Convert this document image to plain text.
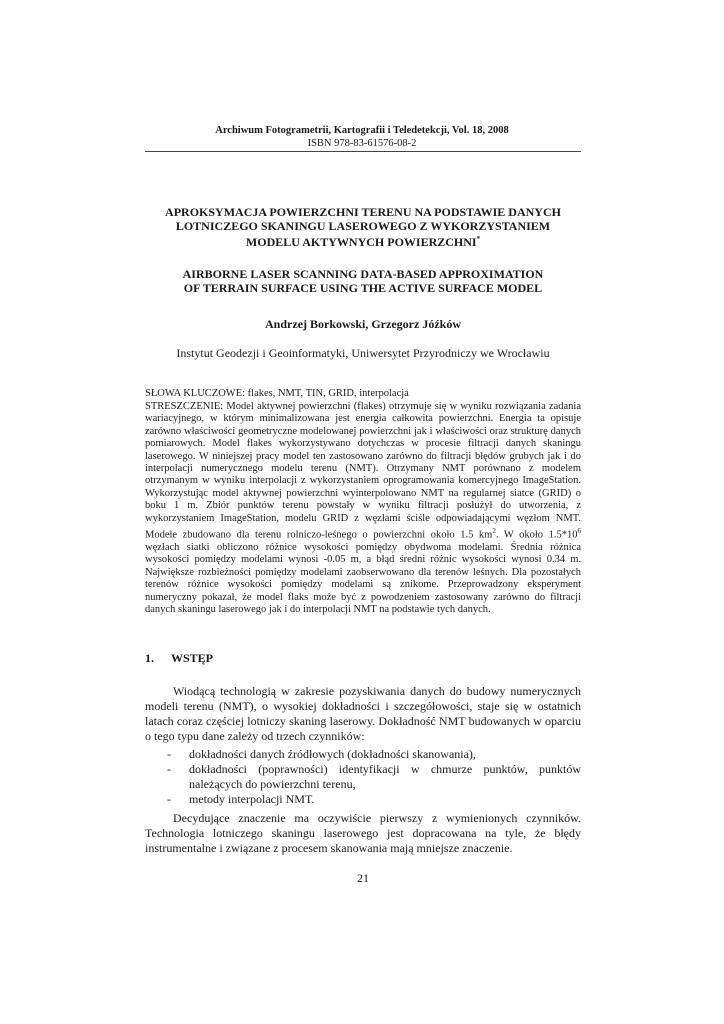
Archiwum Fotogrametrii, Kartografii i Teledetekcji, Vol. 18, 2008
ISBN 978-83-61576-08-2
APROKSYMACJA POWIERZCHNI TERENU NA PODSTAWIE DANYCH
LOTNICZEGO SKANINGU LASEROWEGO Z WYKORZYSTANIEM
MODELU AKTYWNYCH POWIERZCHNI*
AIRBORNE LASER SCANNING DATA-BASED APPROXIMATION
OF TERRAIN SURFACE USING THE ACTIVE SURFACE MODEL
Andrzej Borkowski, Grzegorz Jóźków
Instytut Geodezji i Geoinformatyki, Uniwersytet Przyrodniczy we Wrocławiu
SŁOWA KLUCZOWE: flakes, NMT, TIN, GRID, interpolacja
STRESZCZENIE: Model aktywnej powierzchni (flakes) otrzymuje się w wyniku rozwiązania zadania wariacyjnego, w którym minimalizowana jest energia całkowita powierzchni. Energia ta opisuje zarówno właściwości geometryczne modelowanej powierzchni jak i właściwości oraz strukturę danych pomiarowych. Model flakes wykorzystywano dotychczas w procesie filtracji danych skaningu laserowego. W niniejszej pracy model ten zastosowano zarówno do filtracji błędów grubych jak i do interpolacji numerycznego modelu terenu (NMT). Otrzymany NMT porównano z modelem otrzymanym w wyniku interpolacji z wykorzystaniem oprogramowania komercyjnego ImageStation. Wykorzystując model aktywnej powierzchni wyinterpolowano NMT na regularnej siatce (GRID) o boku 1 m. Zbiór punktów terenu powstały w wyniku filtracji posłużył do utworzenia, z wykorzystaniem ImageStation, modelu GRID z węzłami ściśle odpowiadającymi węzłom NMT. Modele zbudowano dla terenu rolniczo-leśnego o powierzchni około 1.5 $km^2$. W około $1.5*10^6$ węzłach siatki obliczono różnice wysokości pomiędzy obydwoma modelami. Średnia różnica wysokości pomiędzy modelami wynosi -0.05 m, a błąd średni różnic wysokości wynosi 0.34 m. Największe rozbieżności pomiędzy modelami zaobserwowano dla terenów leśnych. Dla pozostałych terenów różnice wysokości pomiędzy modelami są znikome. Przeprowadzony eksperyment numeryczny pokazał, że model flaks może być z powodzeniem zastosowany zarówno do filtracji danych skaningu laserowego jak i do interpolacji NMT na podstawie tych danych.
1. WSTĘP

Wiodącą technologią w zakresie pozyskiwania danych do budowy numerycznych modeli terenu (NMT), o wysokiej dokładności i szczegółowości, staje się w ostatnich latach coraz częściej lotniczy skaning laserowy. Dokładność NMT budowanych w oparciu o tego typu dane zależy od trzech czynników:

- dokładności danych źródłowych (dokładności skanowania),
- dokładności (poprawności) identyfikacji w chmurze punktów, punktów należących do powierzchni terenu,
- metody interpolacji NMT.

Decydujące znaczenie ma oczywiście pierwszy z wymienionych czynników. Technologia lotniczego skaningu laserowego jest dopracowana na tyle, że błędy instrumentalne i związane z procesem skanowania mają mniejsze znaczenie.

21
